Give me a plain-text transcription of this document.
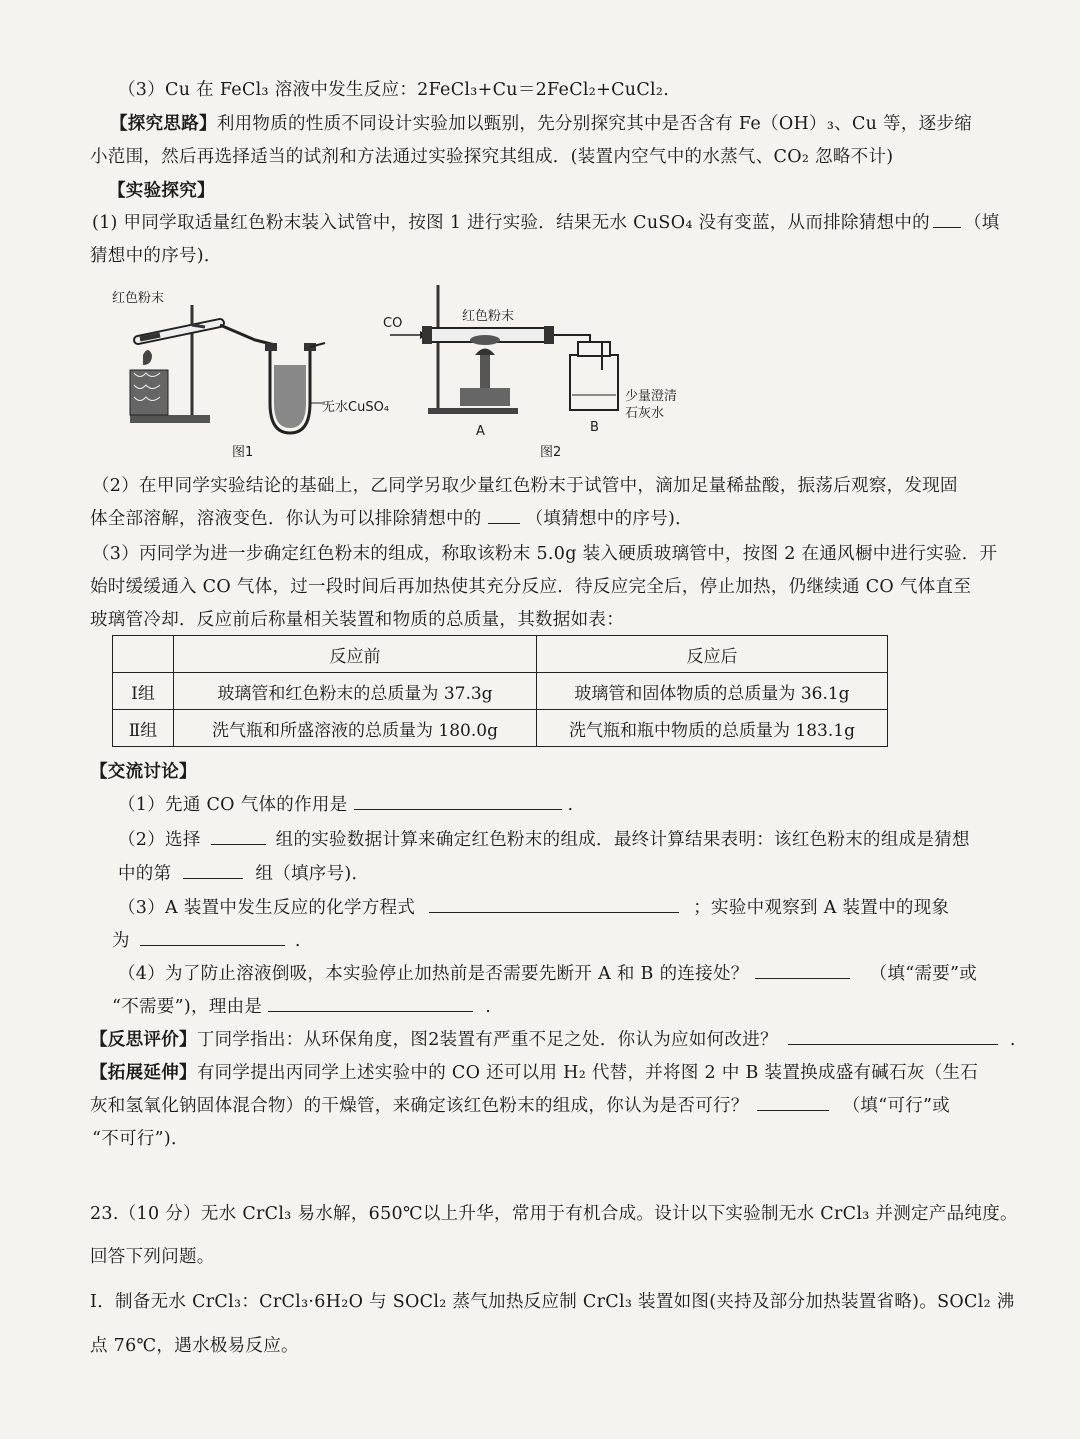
（3）Cu 在 FeCl₃ 溶液中发生反应：2FeCl₃+Cu＝2FeCl₂+CuCl₂.
【探究思路】利用物质的性质不同设计实验加以甄别，先分别探究其中是否含有 Fe（OH）₃、Cu 等，逐步缩
小范围，然后再选择适当的试剂和方法通过实验探究其组成．(装置内空气中的水蒸气、CO₂ 忽略不计)
【实验探究】
(1) 甲同学取适量红色粉末装入试管中，按图 1 进行实验．结果无水 CuSO₄ 没有变蓝，从而排除猜想中的 （填
猜想中的序号)．
红色粉末
无水CuSO₄
图1
CO	红色粉末
少量澄清
石灰水
A	B
图2
（2）在甲同学实验结论的基础上，乙同学另取少量红色粉末于试管中，滴加足量稀盐酸，振荡后观察，发现固
体全部溶解，溶液变色．你认为可以排除猜想中的	（填猜想中的序号)．
（3）丙同学为进一步确定红色粉末的组成，称取该粉末 5.0g 装入硬质玻璃管中，按图 2 在通风橱中进行实验．开
始时缓缓通入 CO 气体，过一段时间后再加热使其充分反应．待反应完全后，停止加热，仍继续通 CO 气体直至
玻璃管冷却．反应前后称量相关装置和物质的总质量，其数据如表：
	反应前	反应后
Ⅰ组	玻璃管和红色粉末的总质量为 37.3g	玻璃管和固体物质的总质量为 36.1g
Ⅱ组	洗气瓶和所盛溶液的总质量为 180.0g	洗气瓶和瓶中物质的总质量为 183.1g
【交流讨论】
（1）先通 CO 气体的作用是	.
（2）选择	组的实验数据计算来确定红色粉末的组成．最终计算结果表明：该红色粉末的组成是猜想
中的第	组（填序号)．
（3）A 装置中发生反应的化学方程式	；实验中观察到 A 装置中的现象
为	.
（4）为了防止溶液倒吸，本实验停止加热前是否需要先断开 A 和 B 的连接处？	（填“需要”或
“不需要”)，理由是	.
【反思评价】丁同学指出：从环保角度，图2装置有严重不足之处．你认为应如何改进？	.
【拓展延伸】有同学提出丙同学上述实验中的 CO 还可以用 H₂ 代替，并将图 2 中 B 装置换成盛有碱石灰（生石
灰和氢氧化钠固体混合物）的干燥管，来确定该红色粉末的组成，你认为是否可行？	（填“可行”或
“不可行”)．
23.（10 分）无水 CrCl₃ 易水解，650℃以上升华，常用于有机合成。设计以下实验制无水 CrCl₃ 并测定产品纯度。
回答下列问题。
I．制备无水 CrCl₃：CrCl₃·6H₂O 与 SOCl₂ 蒸气加热反应制 CrCl₃ 装置如图(夹持及部分加热装置省略)。SOCl₂ 沸
点 76℃，遇水极易反应。
